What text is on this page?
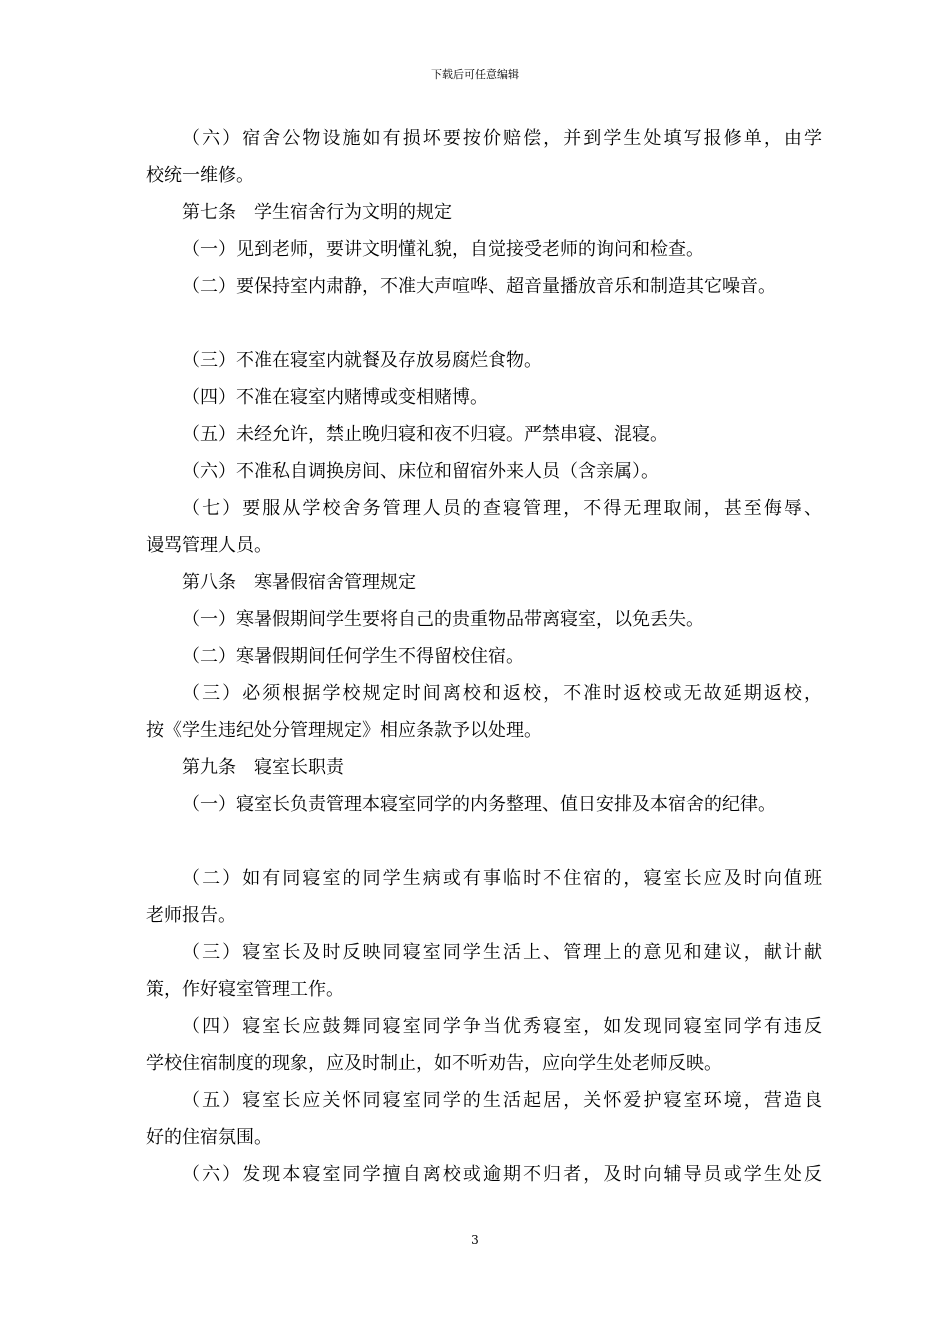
下载后可任意编辑
（六）宿舍公物设施如有损坏要按价赔偿，并到学生处填写报修单，由学
校统一维修。
第七条　学生宿舍行为文明的规定
（一）见到老师，要讲文明懂礼貌，自觉接受老师的询问和检查。
（二）要保持室内肃静，不准大声喧哗、超音量播放音乐和制造其它噪音。
（三）不准在寝室内就餐及存放易腐烂食物。
（四）不准在寝室内赌博或变相赌博。
（五）未经允许，禁止晚归寝和夜不归寝。严禁串寝、混寝。
（六）不准私自调换房间、床位和留宿外来人员（含亲属）。
（七）要服从学校舍务管理人员的查寝管理，不得无理取闹，甚至侮辱、
谩骂管理人员。
第八条　寒暑假宿舍管理规定
（一）寒暑假期间学生要将自己的贵重物品带离寝室，以免丢失。
（二）寒暑假期间任何学生不得留校住宿。
（三）必须根据学校规定时间离校和返校，不准时返校或无故延期返校，
按《学生违纪处分管理规定》相应条款予以处理。
第九条　寝室长职责
（一）寝室长负责管理本寝室同学的内务整理、值日安排及本宿舍的纪律。
（二）如有同寝室的同学生病或有事临时不住宿的，寝室长应及时向值班
老师报告。
（三）寝室长及时反映同寝室同学生活上、管理上的意见和建议，献计献
策，作好寝室管理工作。
（四）寝室长应鼓舞同寝室同学争当优秀寝室，如发现同寝室同学有违反
学校住宿制度的现象，应及时制止，如不听劝告，应向学生处老师反映。
（五）寝室长应关怀同寝室同学的生活起居，关怀爱护寝室环境，营造良
好的住宿氛围。
（六）发现本寝室同学擅自离校或逾期不归者，及时向辅导员或学生处反
3
